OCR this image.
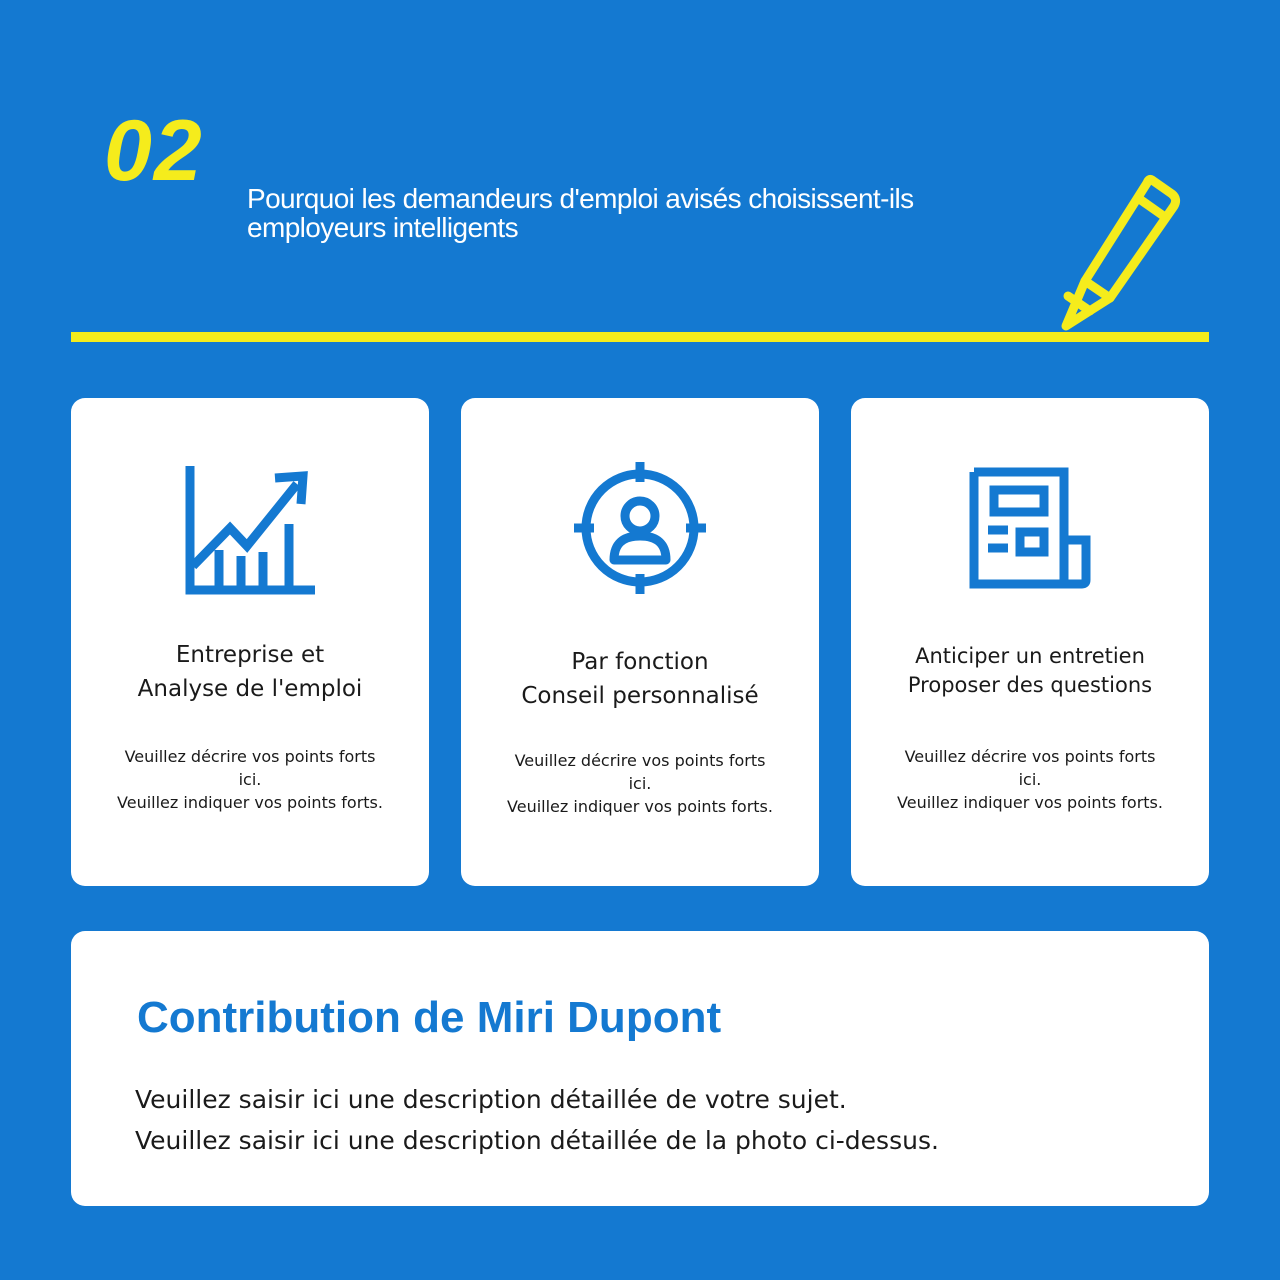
02 Pourquoi les demandeurs d'emploi avisés choisissent-ils employeurs intelligents
Entreprise et
Analyse de l'emploi
Veuillez décrire vos points forts
ici.
Veuillez indiquer vos points forts.
Par fonction
Conseil personnalisé
Veuillez décrire vos points forts
ici.
Veuillez indiquer vos points forts.
Anticiper un entretien
Proposer des questions
Veuillez décrire vos points forts
ici.
Veuillez indiquer vos points forts.
Contribution de Miri Dupont
Veuillez saisir ici une description détaillée de votre sujet.
Veuillez saisir ici une description détaillée de la photo ci-dessus.
